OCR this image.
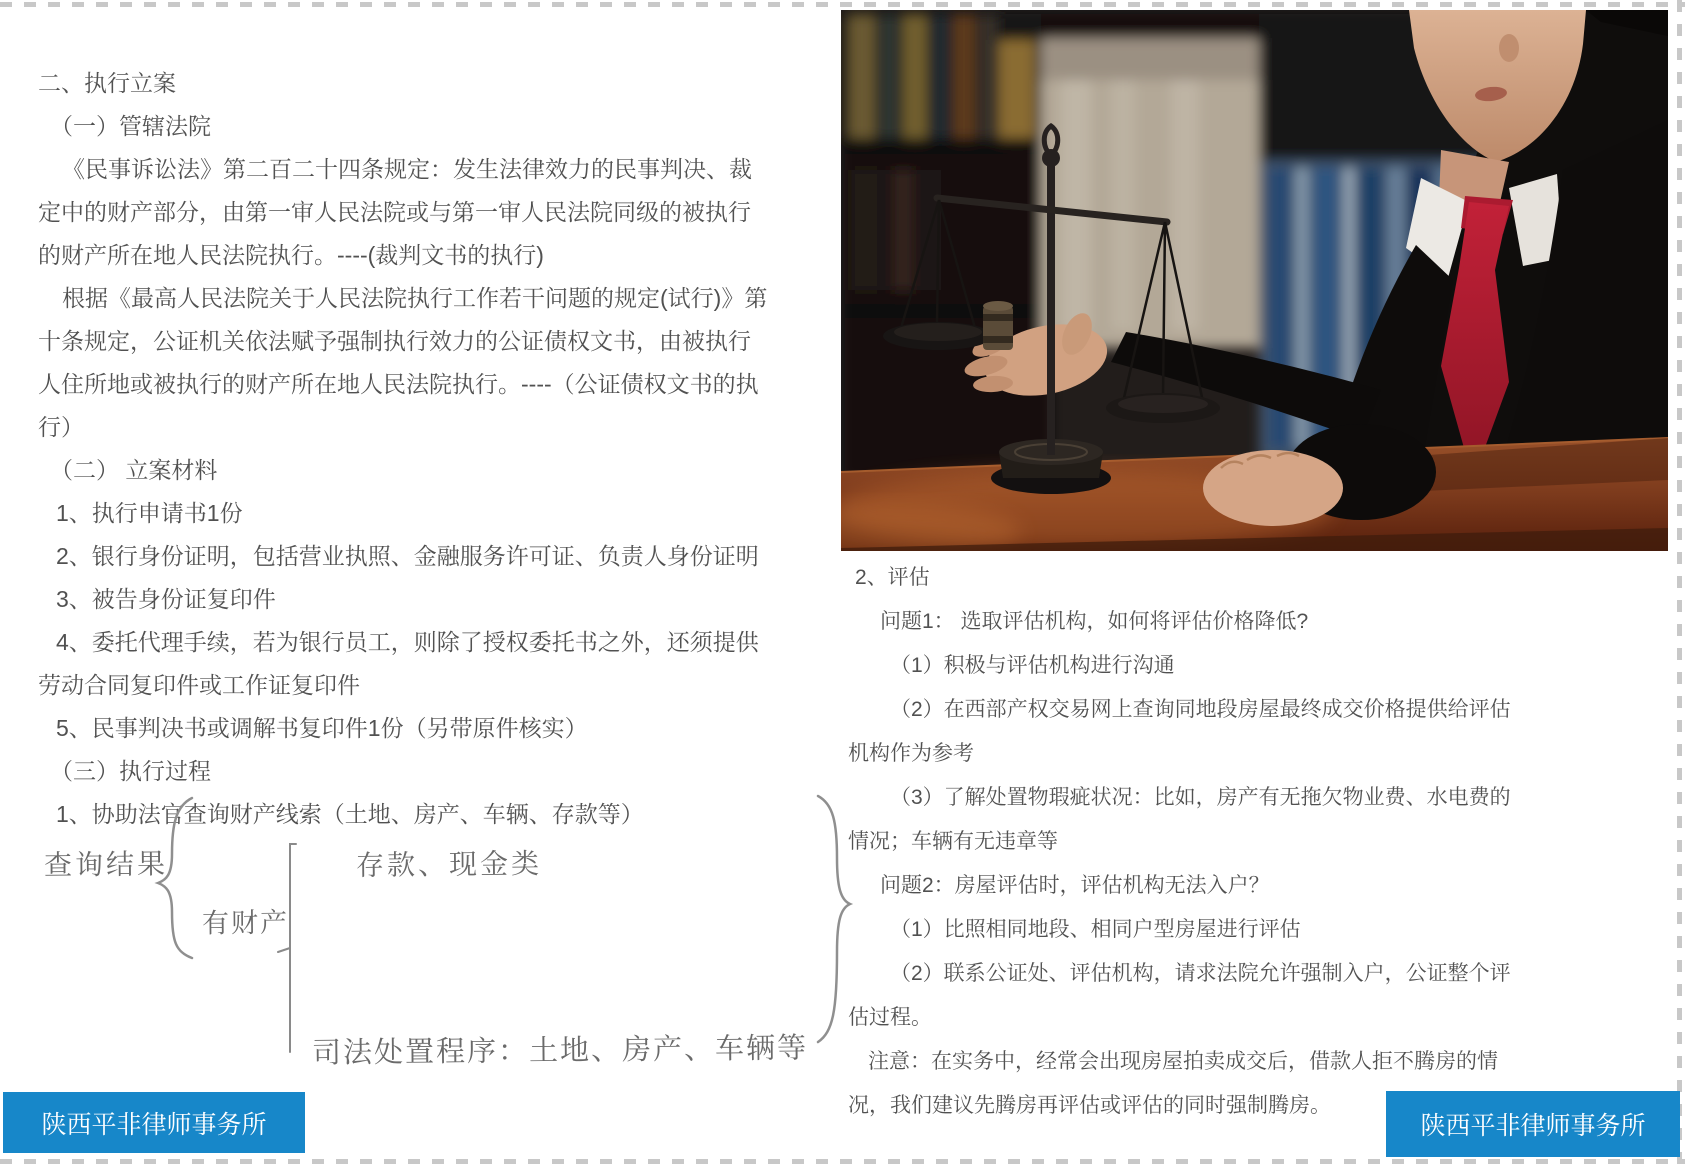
二、执行立案

（一）管辖法院

《民事诉讼法》第二百二十四条规定：发生法律效力的民事判决、裁定中的财产部分，由第一审人民法院或与第一审人民法院同级的被执行的财产所在地人民法院执行。----(裁判文书的执行)

根据《最高人民法院关于人民法院执行工作若干问题的规定(试行)》第十条规定，公证机关依法赋予强制执行效力的公证债权文书，由被执行人住所地或被执行的财产所在地人民法院执行。----（公证债权文书的执行）

（二） 立案材料

1、执行申请书1份

2、银行身份证明，包括营业执照、金融服务许可证、负责人身份证明

3、被告身份证复印件

4、委托代理手续，若为银行员工，则除了授权委托书之外，还须提供劳动合同复印件或工作证复印件

5、民事判决书或调解书复印件1份（另带原件核实）

（三）执行过程

1、协助法官查询财产线索（土地、房产、车辆、存款等）

2、评估

问题1： 选取评估机构，如何将评估价格降低?

（1）积极与评估机构进行沟通

（2）在西部产权交易网上查询同地段房屋最终成交价格提供给评估机构作为参考

（3）了解处置物瑕疵状况：比如，房产有无拖欠物业费、水电费的情况；车辆有无违章等

问题2：房屋评估时，评估机构无法入户？

（1）比照相同地段、相同户型房屋进行评估

（2）联系公证处、评估机构，请求法院允许强制入户，公证整个评估过程。

注意：在实务中，经常会出现房屋拍卖成交后，借款人拒不腾房的情况，我们建议先腾房再评估或评估的同时强制腾房。

查询结果
有财产
存款、现金类
司法处置程序：土地、房产、车辆等
陕西平非律师事务所	陕西平非律师事务所
